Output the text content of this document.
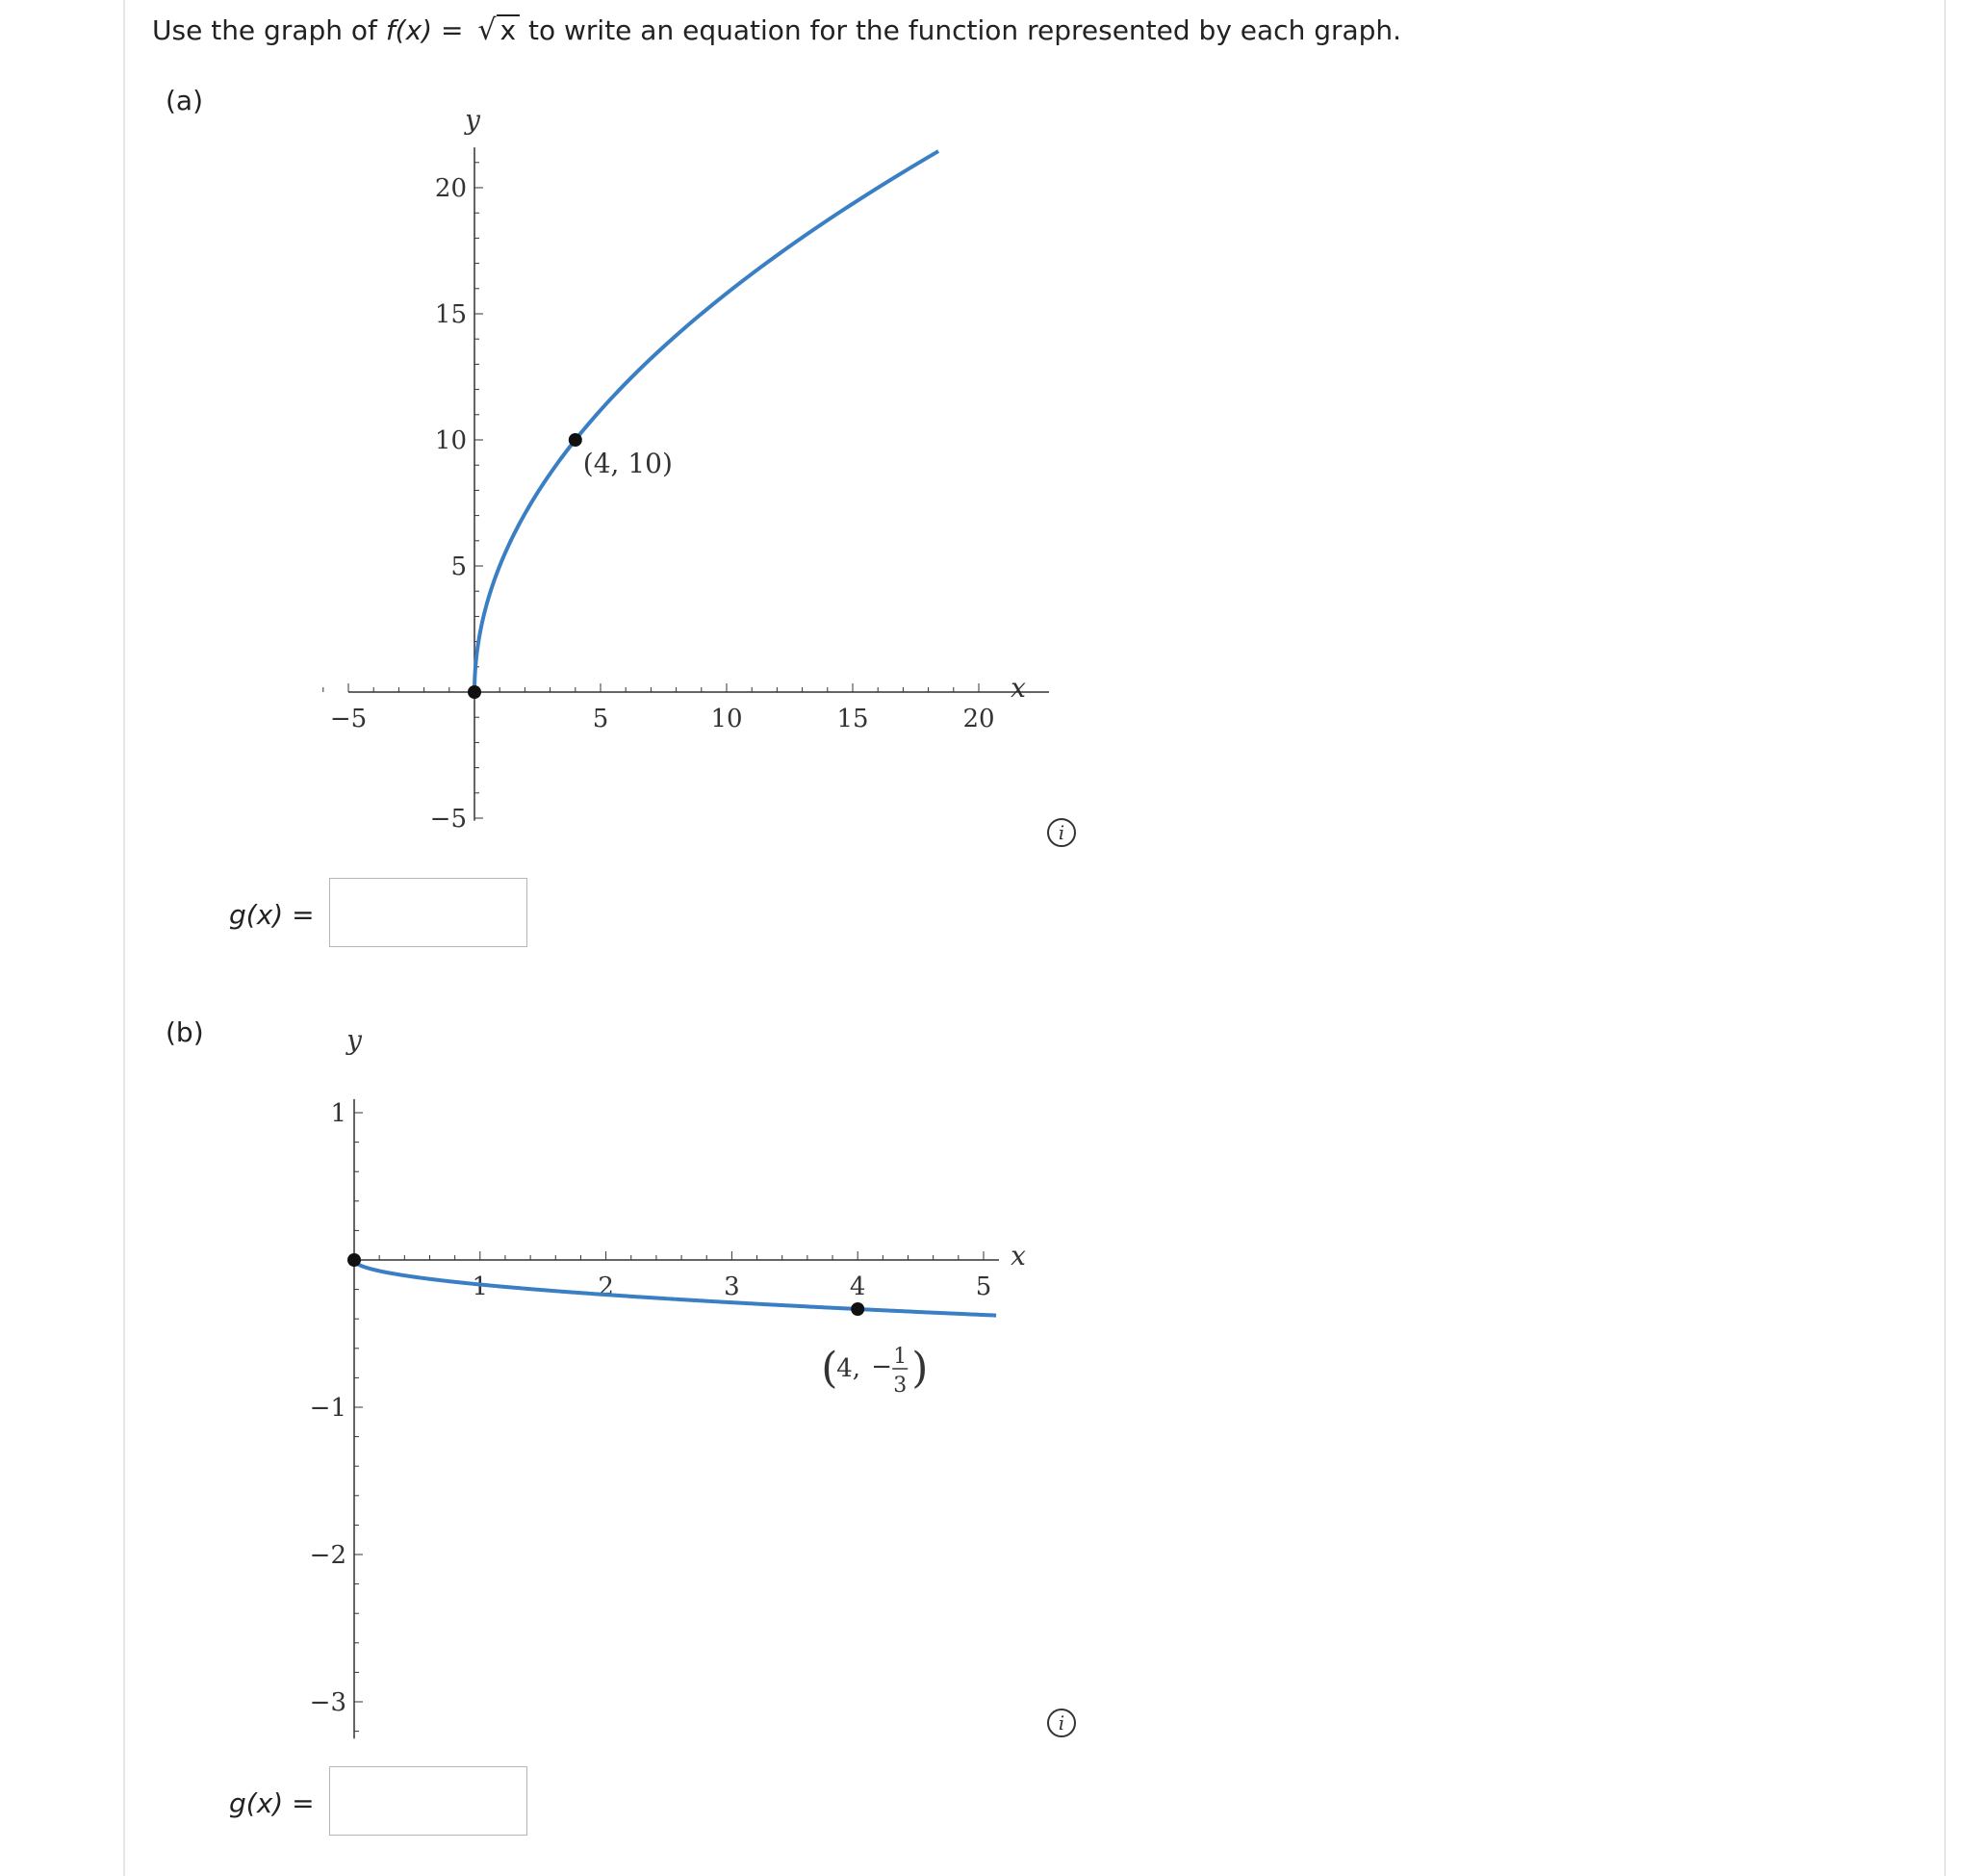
Use the graph of f(x) = √ x to write an equation for the function represented by each graph.
(a)
−5	5	10	15	20
−5
5
10
15
20
x
y
(4, 10)
i
g(x) =
(b)
1	2	3	4	5
−3
−2
−1
1
x
y
(
4, − 1
3 )
i
g(x) =
